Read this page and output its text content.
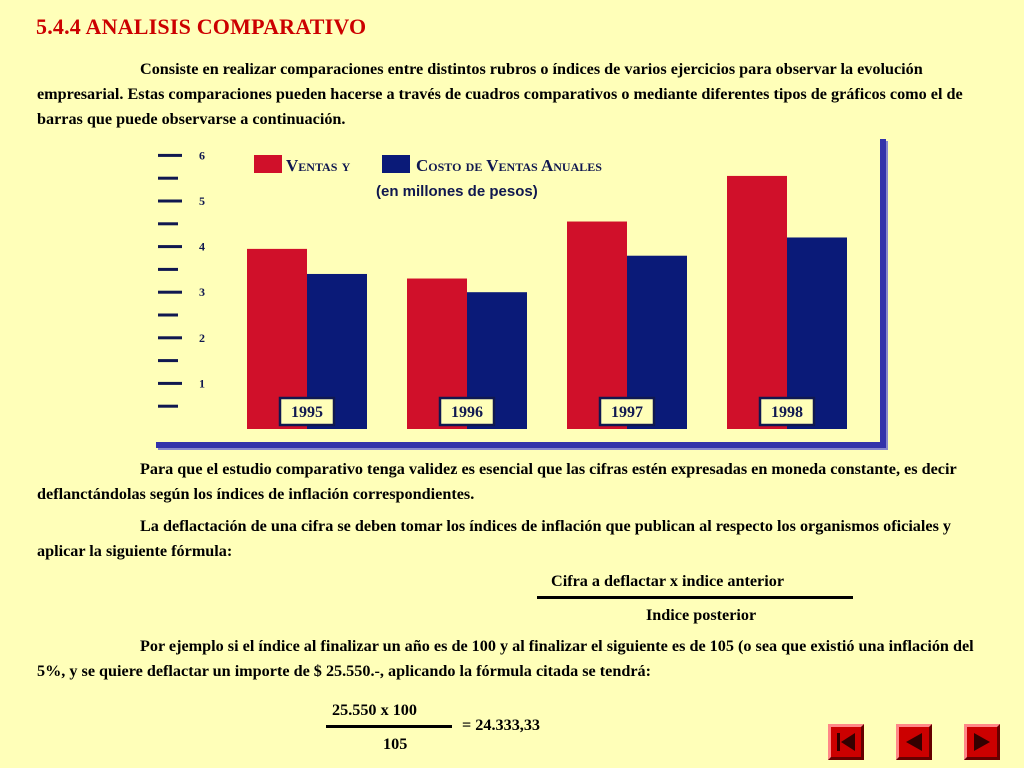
5.4.4 ANALISIS COMPARATIVO

Consiste en realizar comparaciones entre distintos rubros o índices de varios ejercicios para observar la evolución empresarial. Estas comparaciones pueden hacerse a través de cuadros comparativos o mediante diferentes tipos de gráficos como el de barras que puede observarse a continuación.

1
2
3
4
5
6
1995	1996	1997	1998
Ventas y	Costo de Ventas Anuales
(en millones de pesos)

Para que el estudio comparativo tenga validez es esencial que las cifras estén expresadas en moneda constante, es decir deflanctándolas según los índices de inflación correspondientes.

La deflactación de una cifra se deben tomar los índices de inflación que publican al respecto los organismos oficiales y aplicar la siguiente fórmula:

Cifra a deflactar x indice anterior
Indice posterior

Por ejemplo si el índice al finalizar un año es de 100 y al finalizar el siguiente es de 105 (o sea que existió una inflación del 5%, y se quiere deflactar un importe de $ 25.550.-, aplicando la fórmula citada se tendrá:

25.550 x 100
105
= 24.333,33
